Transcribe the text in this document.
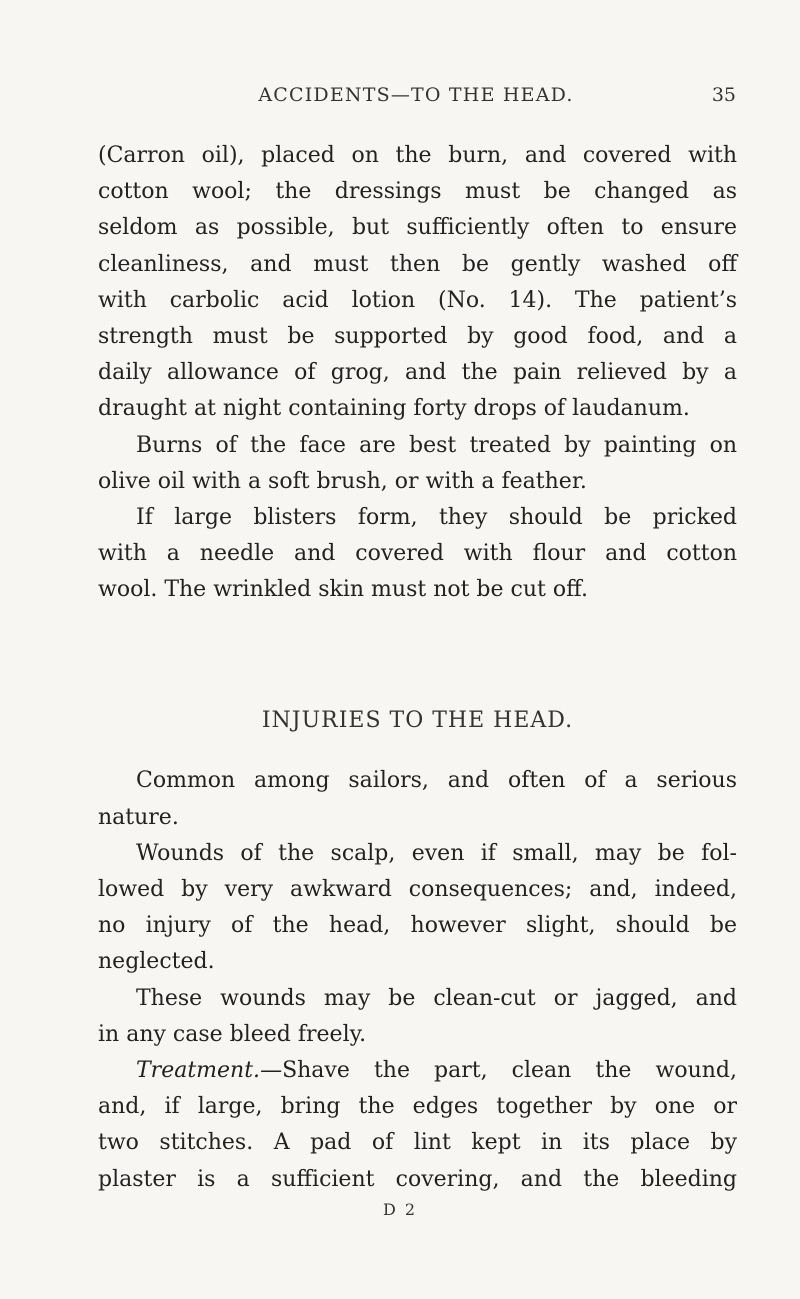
ACCIDENTS—TO THE HEAD.	35
(Carron oil), placed on the burn, and covered with
cotton wool; the dressings must be changed as
seldom as possible, but sufficiently often to ensure
cleanliness, and must then be gently washed off
with carbolic acid lotion (No. 14). The patient’s
strength must be supported by good food, and a
daily allowance of grog, and the pain relieved by a
draught at night containing forty drops of laudanum.
Burns of the face are best treated by painting on
olive oil with a soft brush, or with a feather.
If large blisters form, they should be pricked
with a needle and covered with flour and cotton
wool. The wrinkled skin must not be cut off.
INJURIES TO THE HEAD.
Common among sailors, and often of a serious
nature.
Wounds of the scalp, even if small, may be fol-
lowed by very awkward consequences; and, indeed,
no injury of the head, however slight, should be
neglected.
These wounds may be clean-cut or jagged, and
in any case bleed freely.
Treatment.—Shave the part, clean the wound,
and, if large, bring the edges together by one or
two stitches. A pad of lint kept in its place by
plaster is a sufficient covering, and the bleeding
D 2
